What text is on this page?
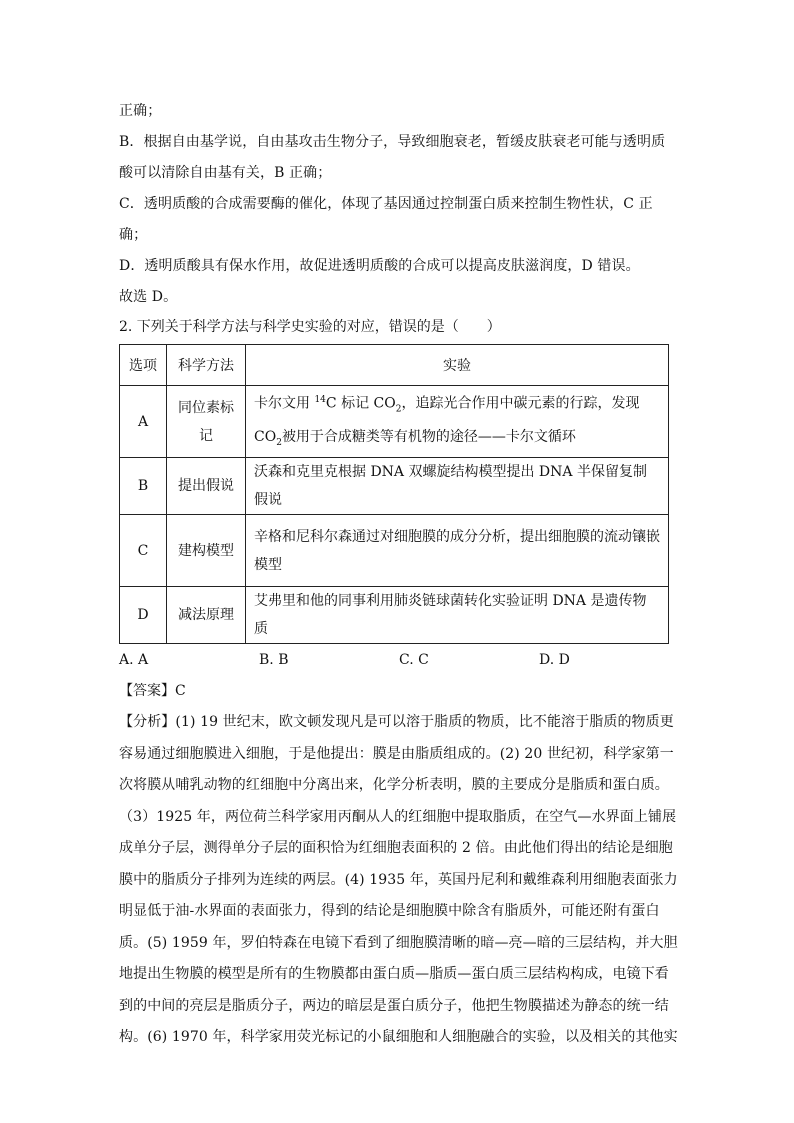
正确；

B．根据自由基学说，自由基攻击生物分子，导致细胞衰老，暂缓皮肤衰老可能与透明质

酸可以清除自由基有关，B 正确；

C．透明质酸的合成需要酶的催化，体现了基因通过控制蛋白质来控制生物性状，C 正

确；

D．透明质酸具有保水作用，故促进透明质酸的合成可以提高皮肤滋润度，D 错误。

故选 D。

2. 下列关于科学方法与科学史实验的对应，错误的是（　　）
选项	科学方法	实验
A	同位素标记	卡尔文用 $^{14}$C 标记 $CO_2$，追踪光合作用中碳元素的行踪，发现 $CO_2$被用于合成糖类等有机物的途径——卡尔文循环
B	提出假说	沃森和克里克根据 DNA 双螺旋结构模型提出 DNA 半保留复制假说
C	建构模型	辛格和尼科尔森通过对细胞膜的成分分析，提出细胞膜的流动镶嵌模型
D	减法原理	艾弗里和他的同事利用肺炎链球菌转化实验证明 DNA 是遗传物质
A. A	B. B	C. C	D. D
【答案】C

【分析】(1) 19 世纪末，欧文顿发现凡是可以溶于脂质的物质，比不能溶于脂质的物质更

容易通过细胞膜进入细胞，于是他提出：膜是由脂质组成的。(2) 20 世纪初，科学家第一

次将膜从哺乳动物的红细胞中分离出来，化学分析表明，膜的主要成分是脂质和蛋白质。

（3）1925 年，两位荷兰科学家用丙酮从人的红细胞中提取脂质，在空气—水界面上铺展

成单分子层，测得单分子层的面积恰为红细胞表面积的 2 倍。由此他们得出的结论是细胞

膜中的脂质分子排列为连续的两层。(4) 1935 年，英国丹尼利和戴维森利用细胞表面张力

明显低于油-水界面的表面张力，得到的结论是细胞膜中除含有脂质外，可能还附有蛋白

质。(5) 1959 年，罗伯特森在电镜下看到了细胞膜清晰的暗—亮—暗的三层结构，并大胆

地提出生物膜的模型是所有的生物膜都由蛋白质—脂质—蛋白质三层结构构成，电镜下看

到的中间的亮层是脂质分子，两边的暗层是蛋白质分子，他把生物膜描述为静态的统一结

构。(6) 1970 年，科学家用荧光标记的小鼠细胞和人细胞融合的实验，以及相关的其他实
